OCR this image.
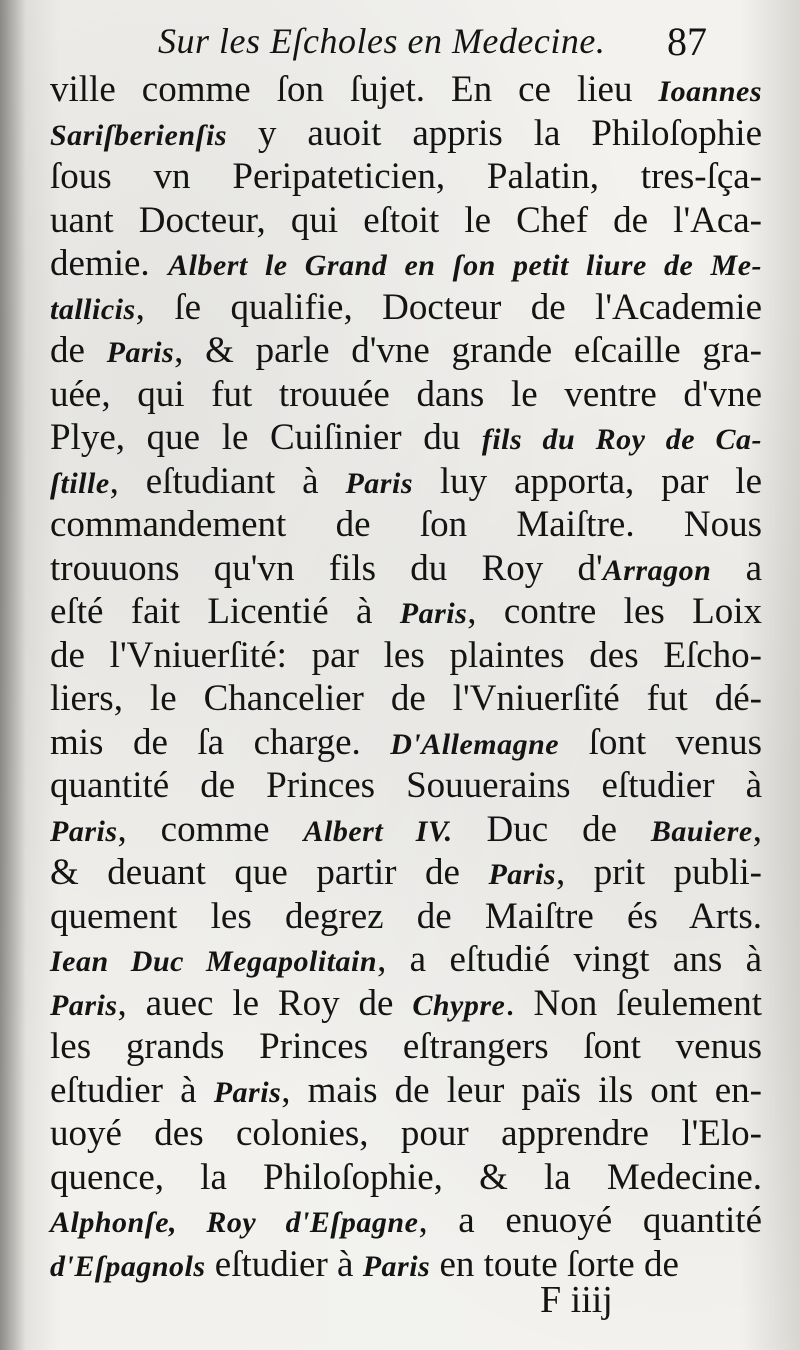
Sur les Eſcholes en Medecine. 87
ville comme ſon ſujet. En ce lieu Ioannes
Sariſberienſis y auoit appris la Philoſophie
ſous vn Peripateticien, Palatin, tres-ſça-
uant Docteur, qui eſtoit le Chef de l'Aca-
demie. Albert le Grand en ſon petit liure de Me-
tallicis, ſe qualifie, Docteur de l'Academie
de Paris, & parle d'vne grande eſcaille gra-
uée, qui fut trouuée dans le ventre d'vne
Plye, que le Cuiſinier du fils du Roy de Ca-
ſtille, eſtudiant à Paris luy apporta, par le
commandement de ſon Maiſtre. Nous
trouuons qu'vn fils du Roy d'Arragon a
eſté fait Licentié à Paris, contre les Loix
de l'Vniuerſité: par les plaintes des Eſcho-
liers, le Chancelier de l'Vniuerſité fut dé-
mis de ſa charge. D'Allemagne ſont venus
quantité de Princes Souuerains eſtudier à
Paris, comme Albert IV. Duc de Bauiere,
& deuant que partir de Paris, prit publi-
quement les degrez de Maiſtre és Arts.
Iean Duc Megapolitain, a eſtudié vingt ans à
Paris, auec le Roy de Chypre. Non ſeulement
les grands Princes eſtrangers ſont venus
eſtudier à Paris, mais de leur païs ils ont en-
uoyé des colonies, pour apprendre l'Elo-
quence, la Philoſophie, & la Medecine.
Alphonſe, Roy d'Eſpagne, a enuoyé quantité
d'Eſpagnols eſtudier à Paris en toute ſorte de
F iiij
